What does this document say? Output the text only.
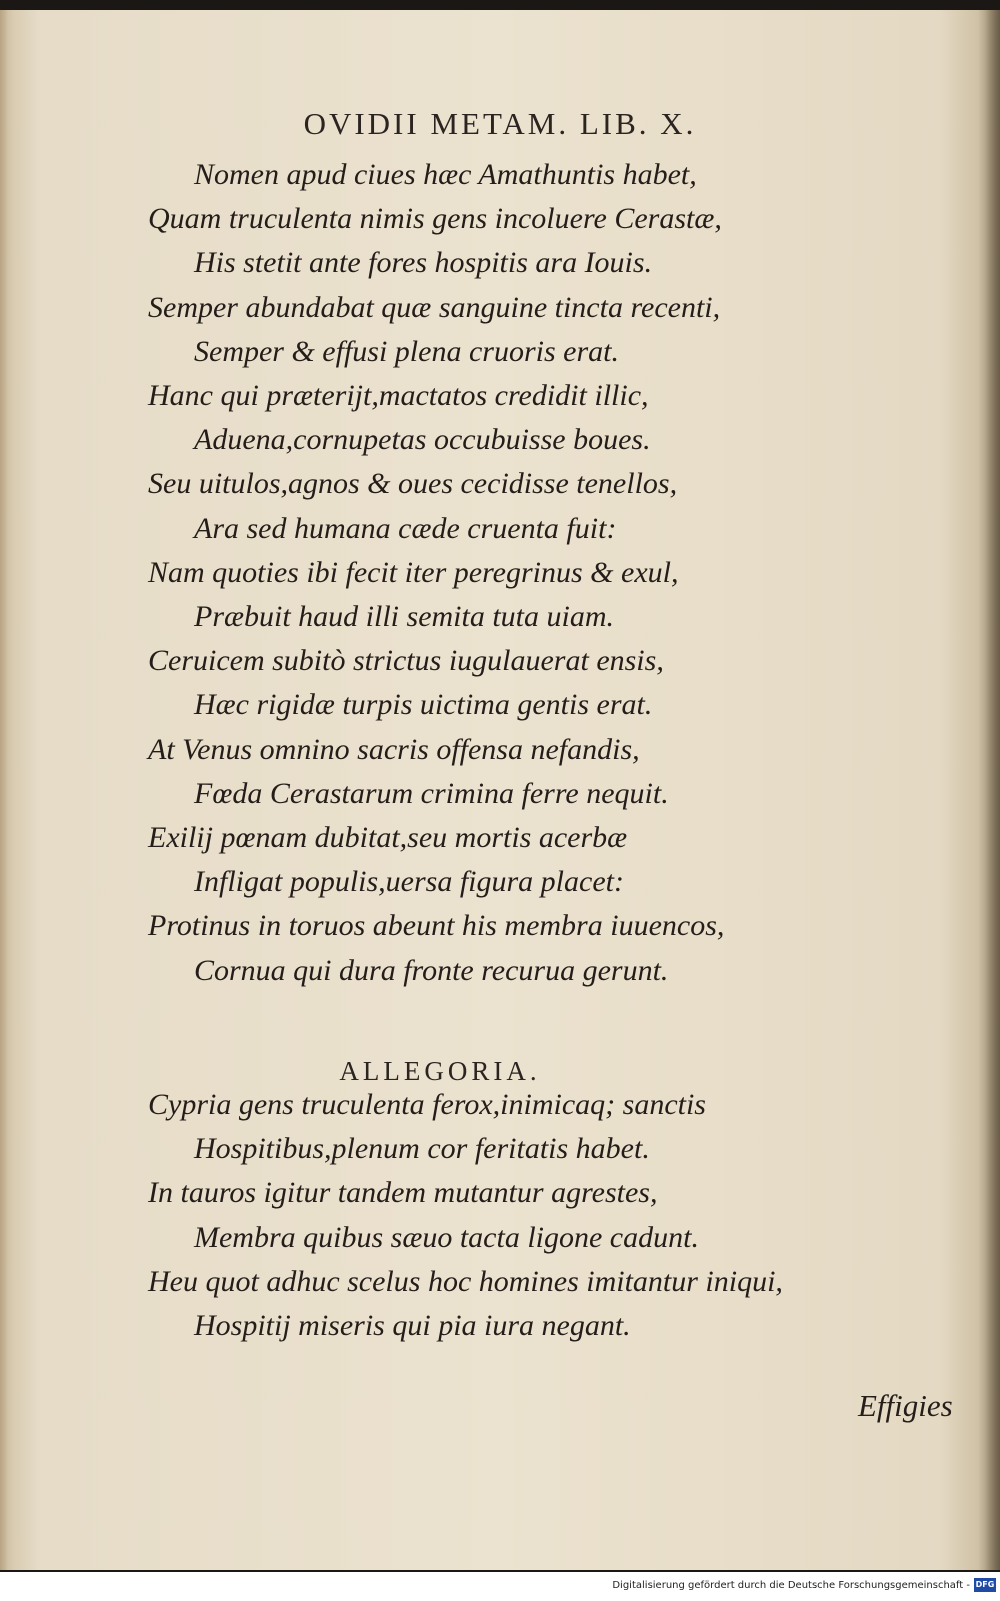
OVIDII METAM. LIB. X.
Nomen apud ciues hæc Amathuntis habet,
Quam truculenta nimis gens incoluere Cerastæ,
His stetit ante fores hospitis ara Iouis.
Semper abundabat quæ sanguine tincta recenti,
Semper & effusi plena cruoris erat.
Hanc qui præterijt,mactatos credidit illic,
Aduena,cornupetas occubuisse boues.
Seu uitulos,agnos & oues cecidisse tenellos,
Ara sed humana cæde cruenta fuit:
Nam quoties ibi fecit iter peregrinus & exul,
Præbuit haud illi semita tuta uiam.
Ceruicem subitò strictus iugulauerat ensis,
Hæc rigidæ turpis uictima gentis erat.
At Venus omnino sacris offensa nefandis,
Fœda Cerastarum crimina ferre nequit.
Exilij pœnam dubitat,seu mortis acerbæ
Infligat populis,uersa figura placet:
Protinus in toruos abeunt his membra iuuencos,
Cornua qui dura fronte recurua gerunt.
ALLEGORIA.
Cypria gens truculenta ferox,inimicaq; sanctis
Hospitibus,plenum cor feritatis habet.
In tauros igitur tandem mutantur agrestes,
Membra quibus sæuo tacta ligone cadunt.
Heu quot adhuc scelus hoc homines imitantur iniqui,
Hospitij miseris qui pia iura negant.
Effigies
Digitalisierung gefördert durch die Deutsche Forschungsgemeinschaft - DFG
